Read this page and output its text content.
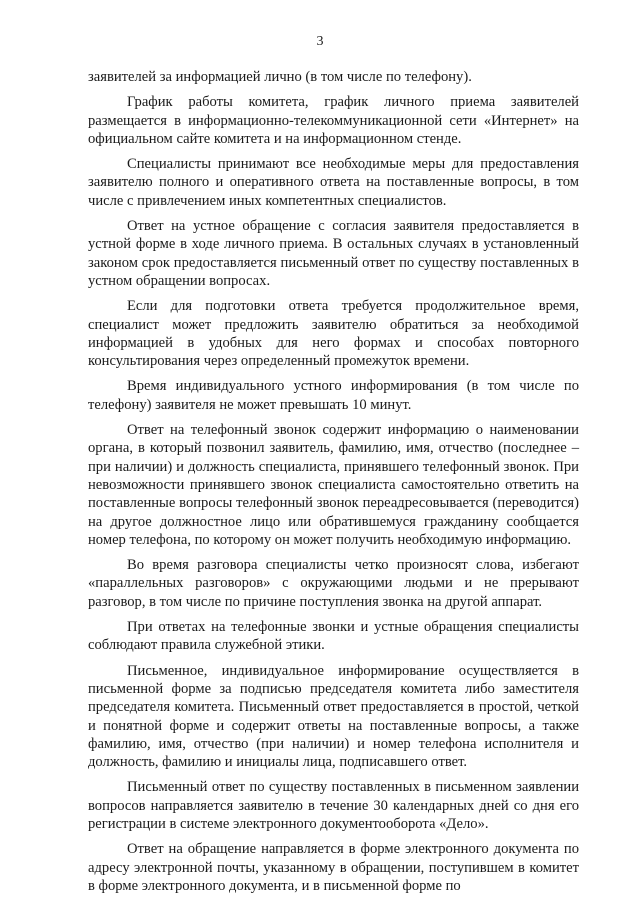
3

заявителей за информацией лично (в том числе по телефону).

График работы комитета, график личного приема заявителей размещается в информационно-телекоммуникационной сети «Интернет» на официальном сайте комитета и на информационном стенде.

Специалисты принимают все необходимые меры для предоставления заявителю полного и оперативного ответа на поставленные вопросы, в том числе с привлечением иных компетентных специалистов.

Ответ на устное обращение с согласия заявителя предоставляется в устной форме в ходе личного приема. В остальных случаях в установленный законом срок предоставляется письменный ответ по существу поставленных в устном обращении вопросах.

Если для подготовки ответа требуется продолжительное время, специалист может предложить заявителю обратиться за необходимой информацией в удобных для него формах и способах повторного консультирования через определенный промежуток времени.

Время индивидуального устного информирования (в том числе по телефону) заявителя не может превышать 10 минут.

Ответ на телефонный звонок содержит информацию о наименовании органа, в который позвонил заявитель, фамилию, имя, отчество (последнее – при наличии) и должность специалиста, принявшего телефонный звонок. При невозможности принявшего звонок специалиста самостоятельно ответить на поставленные вопросы телефонный звонок переадресовывается (переводится) на другое должностное лицо или обратившемуся гражданину сообщается номер телефона, по которому он может получить необходимую информацию.

Во время разговора специалисты четко произносят слова, избегают «параллельных разговоров» с окружающими людьми и не прерывают разговор, в том числе по причине поступления звонка на другой аппарат.

При ответах на телефонные звонки и устные обращения специалисты соблюдают правила служебной этики.

Письменное, индивидуальное информирование осуществляется в письменной форме за подписью председателя комитета либо заместителя председателя комитета. Письменный ответ предоставляется в простой, четкой и понятной форме и содержит ответы на поставленные вопросы, а также фамилию, имя, отчество (при наличии) и номер телефона исполнителя и должность, фамилию и инициалы лица, подписавшего ответ.

Письменный ответ по существу поставленных в письменном заявлении вопросов направляется заявителю в течение 30 календарных дней со дня его регистрации в системе электронного документооборота «Дело».

Ответ на обращение направляется в форме электронного документа по адресу электронной почты, указанному в обращении, поступившем в комитет в форме электронного документа, и в письменной форме по
